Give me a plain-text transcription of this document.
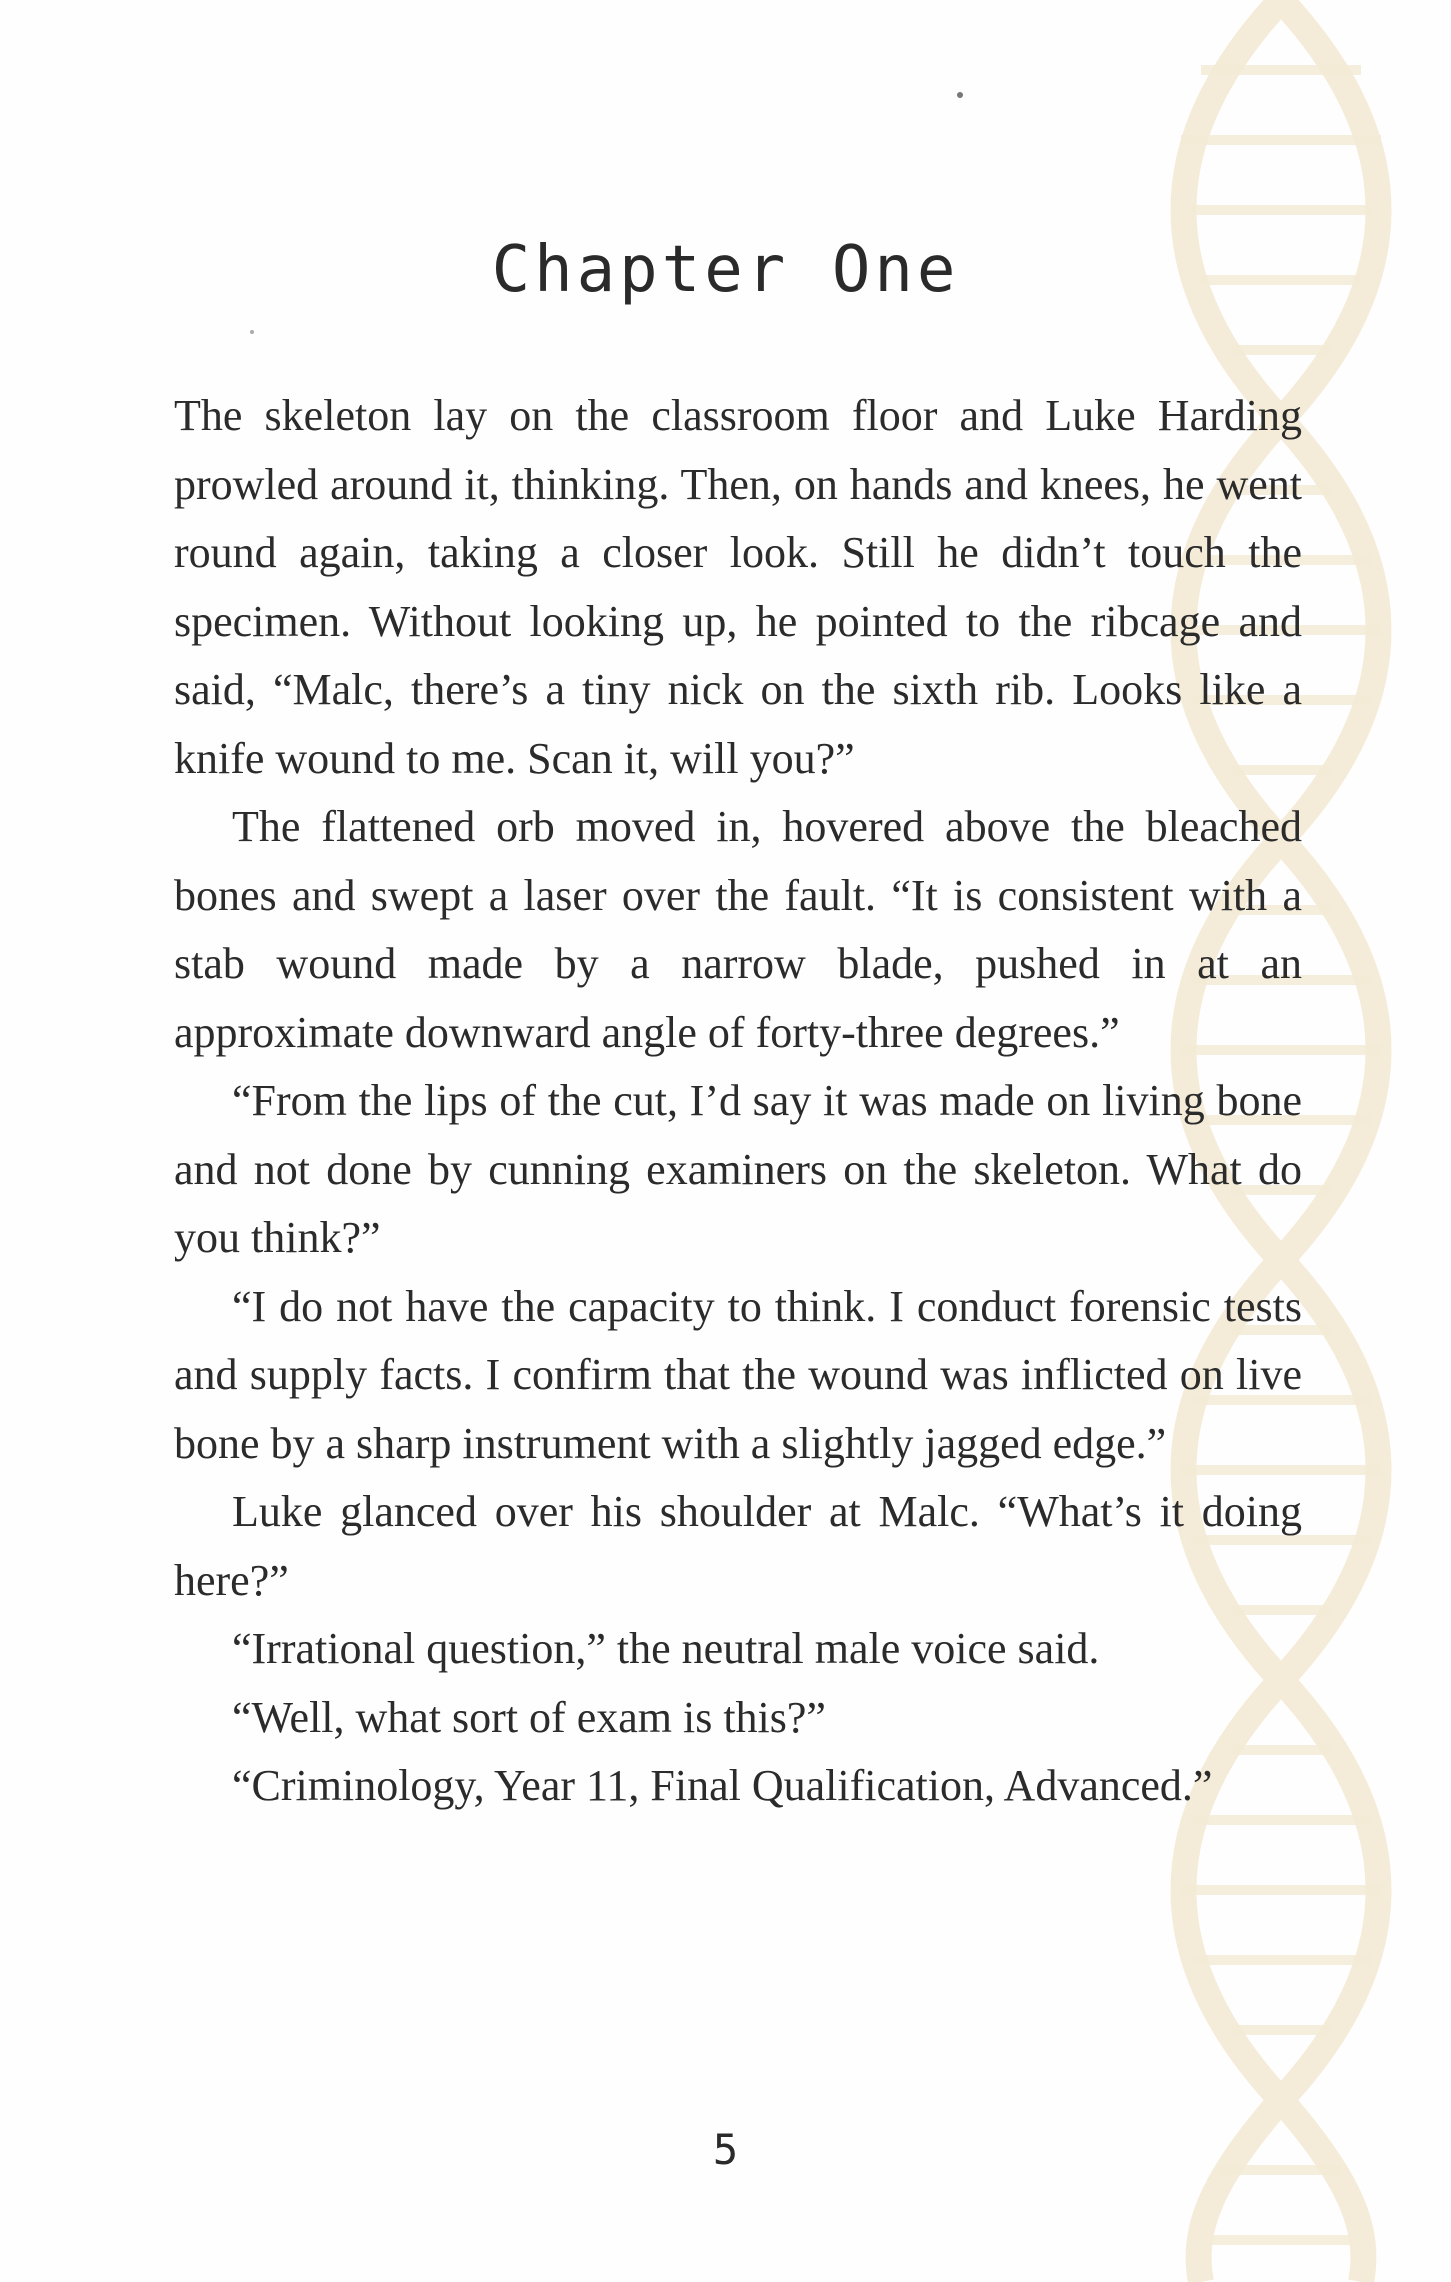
Chapter One

The skeleton lay on the classroom floor and Luke Harding prowled around it, thinking. Then, on hands and knees, he went round again, taking a closer look. Still he didn’t touch the specimen. Without looking up, he pointed to the ribcage and said, “Malc, there’s a tiny nick on the sixth rib. Looks like a knife wound to me. Scan it, will you?”

The flattened orb moved in, hovered above the bleached bones and swept a laser over the fault. “It is consistent with a stab wound made by a narrow blade, pushed in at an approximate downward angle of forty-three degrees.”

“From the lips of the cut, I’d say it was made on living bone and not done by cunning examiners on the skeleton. What do you think?”

“I do not have the capacity to think. I conduct forensic tests and supply facts. I confirm that the wound was inflicted on live bone by a sharp instrument with a slightly jagged edge.”

Luke glanced over his shoulder at Malc. “What’s it doing here?”

“Irrational question,” the neutral male voice said.

“Well, what sort of exam is this?”

“Criminology, Year 11, Final Qualification, Advanced.”

5
